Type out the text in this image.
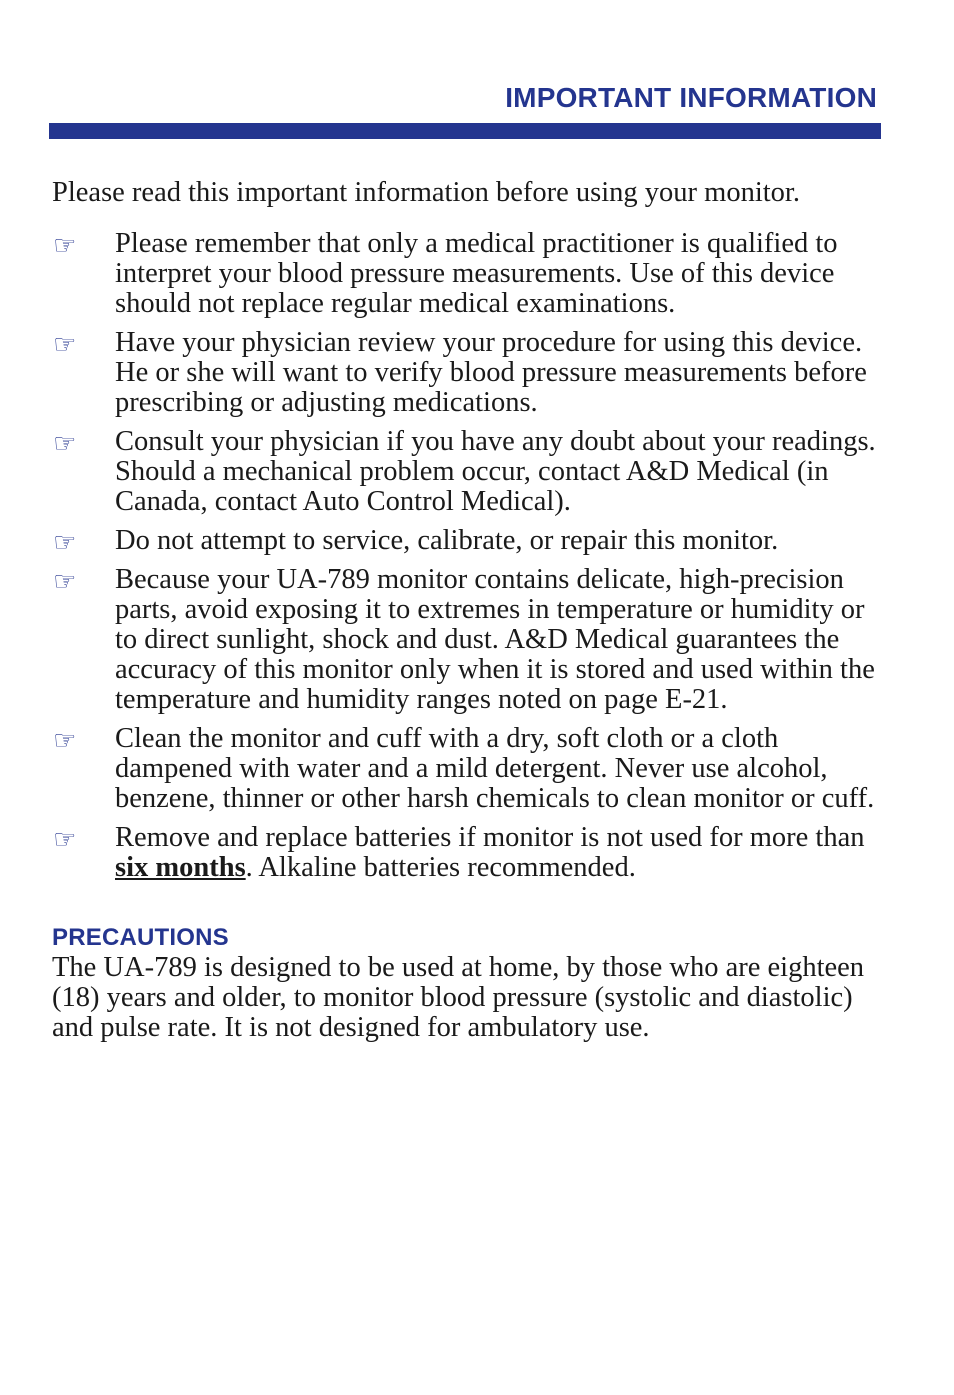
IMPORTANT INFORMATION

Please read this important information before using your monitor.

☞ Please remember that only a medical practitioner is qualified to interpret your blood pressure measurements. Use of this device should not replace regular medical examinations.
☞ Have your physician review your procedure for using this device. He or she will want to verify blood pressure measurements before prescribing or adjusting medications.
☞ Consult your physician if you have any doubt about your readings. Should a mechanical problem occur, contact A&D Medical (in Canada, contact Auto Control Medical).
☞ Do not attempt to service, calibrate, or repair this monitor.
☞ Because your UA-789 monitor contains delicate, high-precision parts, avoid exposing it to extremes in temperature or humidity or to direct sunlight, shock and dust. A&D Medical guarantees the accuracy of this monitor only when it is stored and used within the temperature and humidity ranges noted on page E-21.
☞ Clean the monitor and cuff with a dry, soft cloth or a cloth dampened with water and a mild detergent. Never use alcohol, benzene, thinner or other harsh chemicals to clean monitor or cuff.
☞ Remove and replace batteries if monitor is not used for more than
six months. Alkaline batteries recommended.
PRECAUTIONS

The UA-789 is designed to be used at home, by those who are eighteen (18) years and older, to monitor blood pressure (systolic and diastolic) and pulse rate. It is not designed for ambulatory use.
